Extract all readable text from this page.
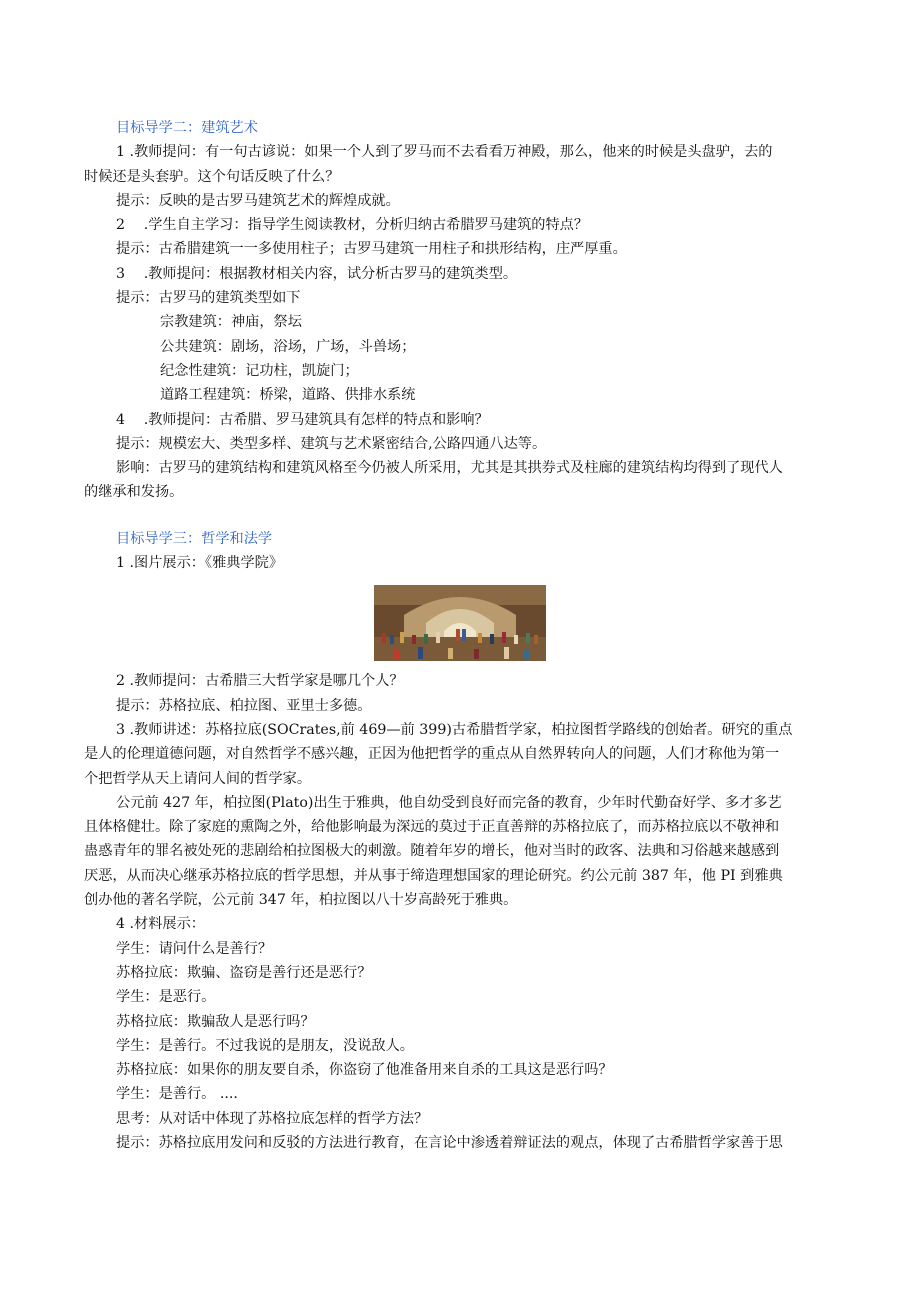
目标导学二：建筑艺术
1 .教师提问：有一句古谚说：如果一个人到了罗马而不去看看万神殿，那么，他来的时候是头盘驴，去的
时候还是头套驴。这个句话反映了什么？
提示：反映的是古罗马建筑艺术的辉煌成就。
2　 .学生自主学习：指导学生阅读教材，分析归纳古希腊罗马建筑的特点？
提示：古希腊建筑一一多使用柱子；古罗马建筑一用柱子和拱形结构，庄严厚重。
3　 .教师提问：根据教材相关内容，试分析古罗马的建筑类型。
提示：古罗马的建筑类型如下
宗教建筑：神庙，祭坛
公共建筑：剧场，浴场，广场，斗兽场；
纪念性建筑：记功柱，凯旋门；
道路工程建筑：桥梁，道路、供排水系统
4　 .教师提问：古希腊、罗马建筑具有怎样的特点和影响？
提示：规模宏大、类型多样、建筑与艺术紧密结合,公路四通八达等。
影响：古罗马的建筑结构和建筑风格至今仍被人所采用，尤其是其拱券式及柱廊的建筑结构均得到了现代人
的继承和发扬。
目标导学三：哲学和法学
1 .图片展示：《雅典学院》
2 .教师提问：古希腊三大哲学家是哪几个人？
提示：苏格拉底、柏拉图、亚里士多德。
3 .教师讲述：苏格拉底(SOCrates,前 469—前 399)古希腊哲学家，柏拉图哲学路线的创始者。研究的重点
是人的伦理道德问题，对自然哲学不感兴趣，正因为他把哲学的重点从自然界转向人的问题，人们才称他为第一
个把哲学从天上请问人间的哲学家。
公元前 427 年，柏拉图(Plato)出生于雅典，他自幼受到良好而完备的教育，少年时代勤奋好学、多才多艺
且体格健壮。除了家庭的熏陶之外，给他影响最为深远的莫过于正直善辩的苏格拉底了，而苏格拉底以不敬神和
蛊惑青年的罪名被处死的悲剧给柏拉图极大的刺激。随着年岁的增长，他对当时的政客、法典和习俗越来越感到
厌恶，从而决心继承苏格拉底的哲学思想，并从事于缔造理想国家的理论研究。约公元前 387 年，他 PI 到雅典
创办他的著名学院，公元前 347 年，柏拉图以八十岁高龄死于雅典。
4 .材料展示：
学生：请问什么是善行？
苏格拉底：欺骗、盗窃是善行还是恶行？
学生：是恶行。
苏格拉底：欺骗敌人是恶行吗？
学生：是善行。不过我说的是朋友，没说敌人。
苏格拉底：如果你的朋友要自杀，你盗窃了他准备用来自杀的工具这是恶行吗？
学生：是善行。 ....
思考：从对话中体现了苏格拉底怎样的哲学方法？
提示：苏格拉底用发问和反驳的方法进行教育，在言论中渗透着辩证法的观点，体现了古希腊哲学家善于思
